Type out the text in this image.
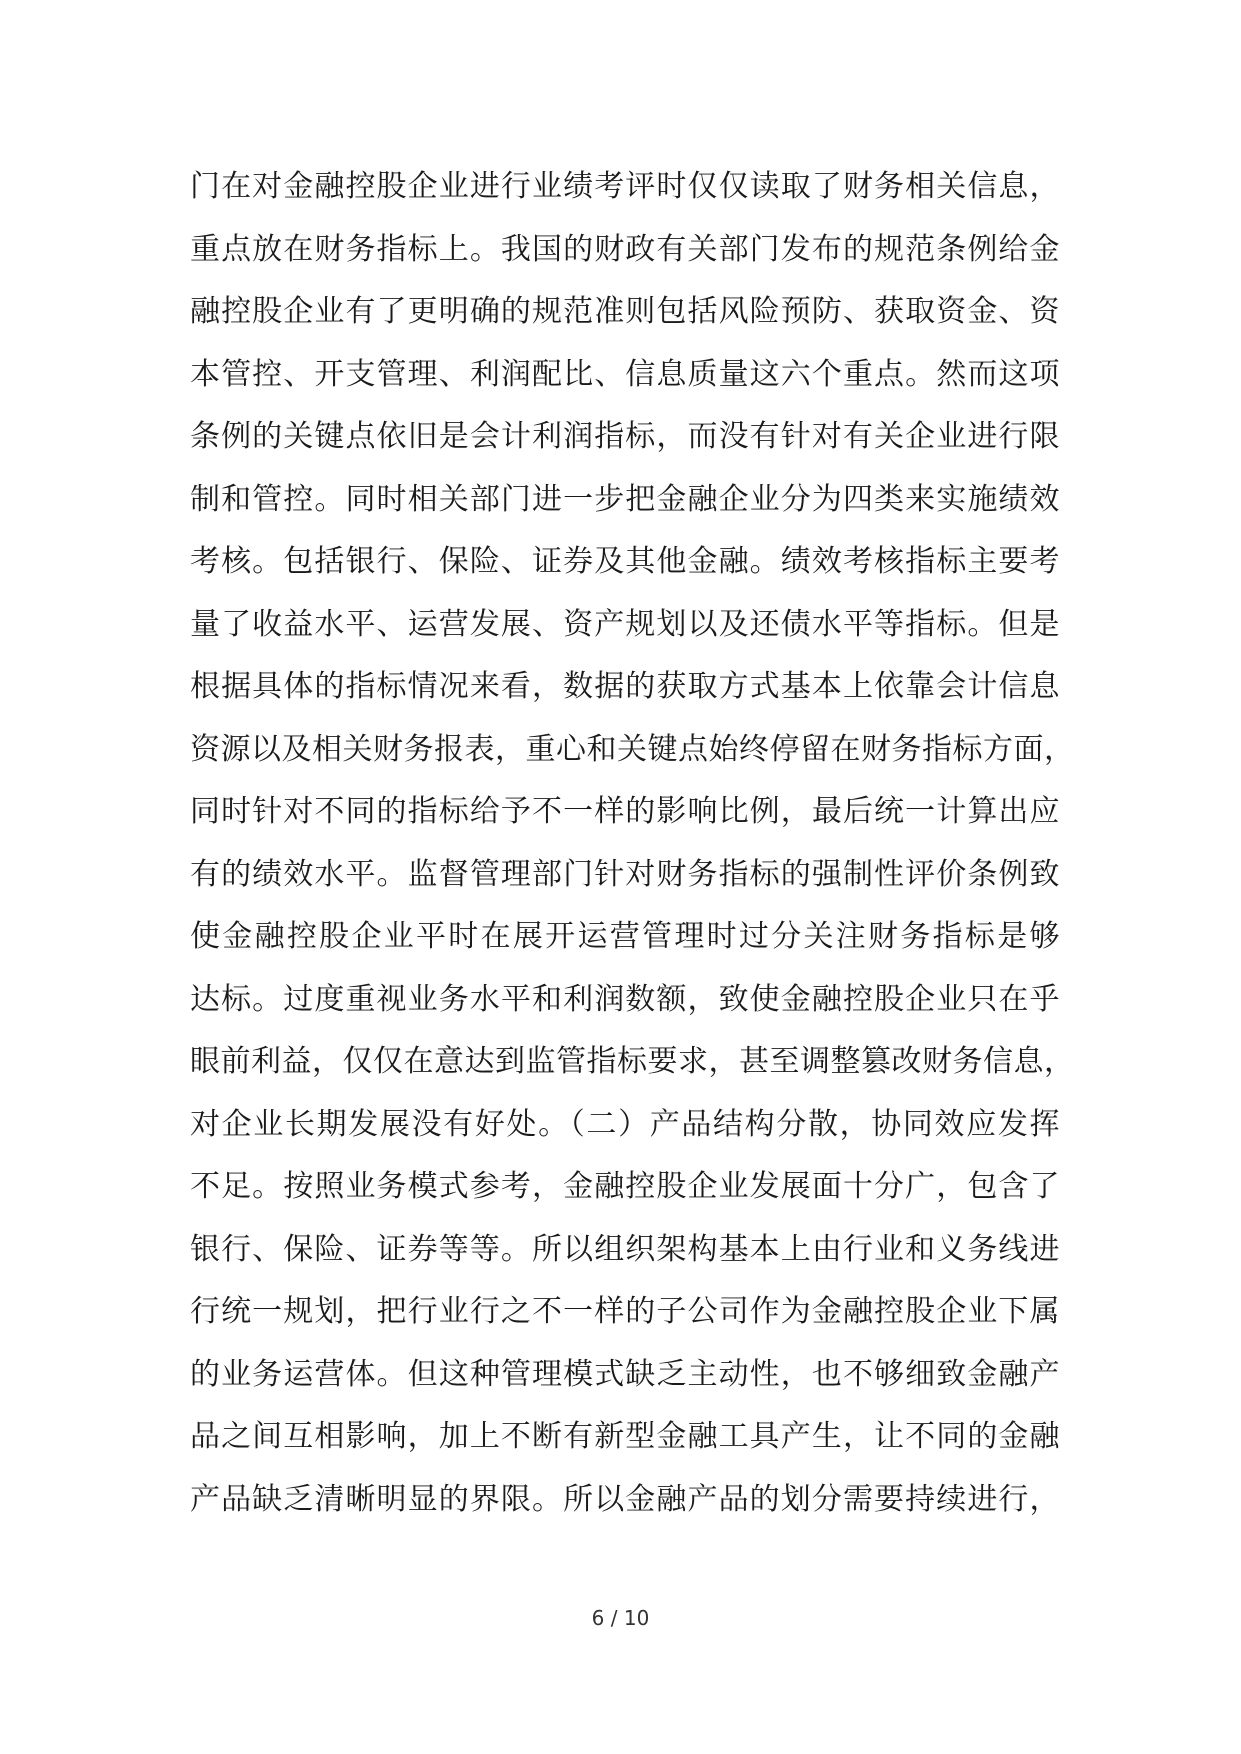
门在对金融控股企业进行业绩考评时仅仅读取了财务相关信息，
重点放在财务指标上。我国的财政有关部门发布的规范条例给金
融控股企业有了更明确的规范准则包括风险预防、获取资金、资
本管控、开支管理、利润配比、信息质量这六个重点。然而这项
条例的关键点依旧是会计利润指标，而没有针对有关企业进行限
制和管控。同时相关部门进一步把金融企业分为四类来实施绩效
考核。包括银行、保险、证券及其他金融。绩效考核指标主要考
量了收益水平、运营发展、资产规划以及还债水平等指标。但是
根据具体的指标情况来看，数据的获取方式基本上依靠会计信息
资源以及相关财务报表，重心和关键点始终停留在财务指标方面，
同时针对不同的指标给予不一样的影响比例，最后统一计算出应
有的绩效水平。监督管理部门针对财务指标的强制性评价条例致
使金融控股企业平时在展开运营管理时过分关注财务指标是够
达标。过度重视业务水平和利润数额，致使金融控股企业只在乎
眼前利益，仅仅在意达到监管指标要求，甚至调整篡改财务信息，
对企业长期发展没有好处。（二）产品结构分散，协同效应发挥
不足。按照业务模式参考，金融控股企业发展面十分广，包含了
银行、保险、证券等等。所以组织架构基本上由行业和义务线进
行统一规划，把行业行之不一样的子公司作为金融控股企业下属
的业务运营体。但这种管理模式缺乏主动性，也不够细致金融产
品之间互相影响，加上不断有新型金融工具产生，让不同的金融
产品缺乏清晰明显的界限。所以金融产品的划分需要持续进行，
6 / 10
